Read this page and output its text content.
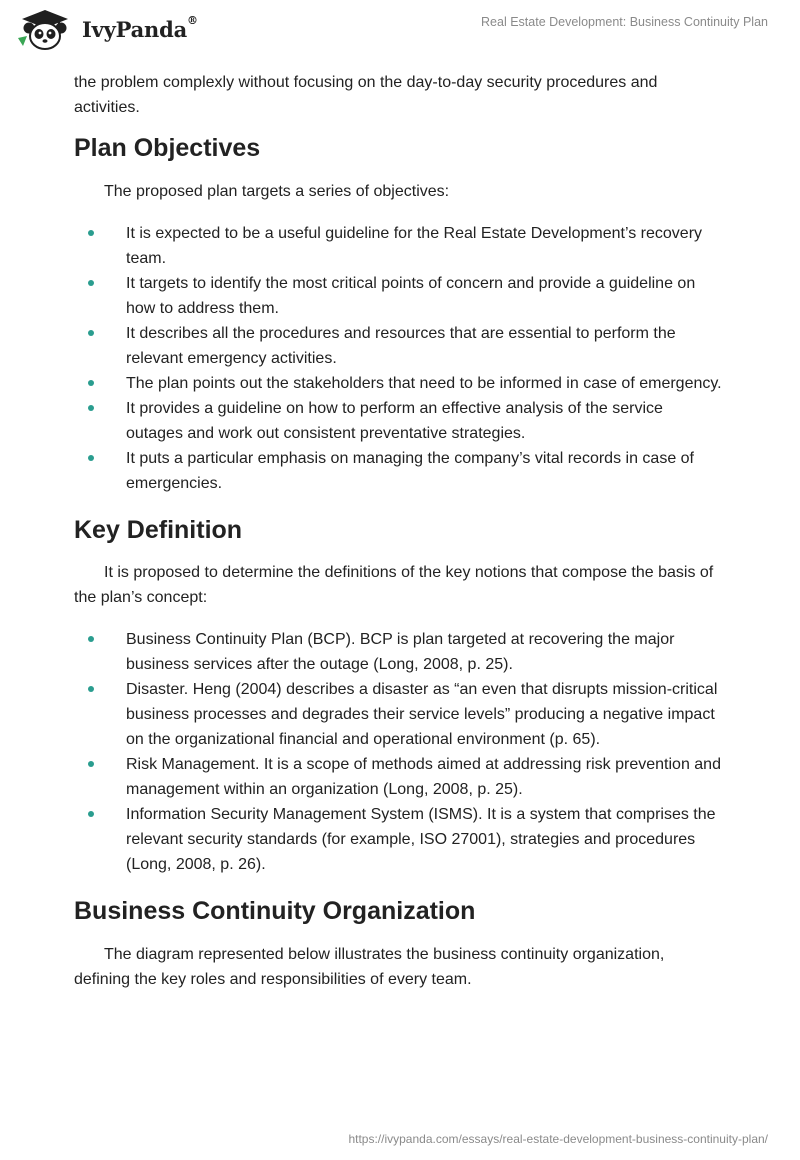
IvyPanda®	Real Estate Development: Business Continuity Plan

the problem complexly without focusing on the day-to-day security procedures and activities.

Plan Objectives

The proposed plan targets a series of objectives:

It is expected to be a useful guideline for the Real Estate Development’s recovery team.
It targets to identify the most critical points of concern and provide a guideline on how to address them.
It describes all the procedures and resources that are essential to perform the relevant emergency activities.
The plan points out the stakeholders that need to be informed in case of emergency.
It provides a guideline on how to perform an effective analysis of the service outages and work out consistent preventative strategies.
It puts a particular emphasis on managing the company’s vital records in case of emergencies.
Key Definition

It is proposed to determine the definitions of the key notions that compose the basis of the plan’s concept:

Business Continuity Plan (BCP). BCP is plan targeted at recovering the major business services after the outage (Long, 2008, p. 25).
Disaster. Heng (2004) describes a disaster as “an even that disrupts mission-critical business processes and degrades their service levels” producing a negative impact on the organizational financial and operational environment (p. 65).
Risk Management. It is a scope of methods aimed at addressing risk prevention and management within an organization (Long, 2008, p. 25).
Information Security Management System (ISMS). It is a system that comprises the relevant security standards (for example, ISO 27001), strategies and procedures (Long, 2008, p. 26).
Business Continuity Organization

The diagram represented below illustrates the business continuity organization, defining the key roles and responsibilities of every team.

https://ivypanda.com/essays/real-estate-development-business-continuity-plan/
